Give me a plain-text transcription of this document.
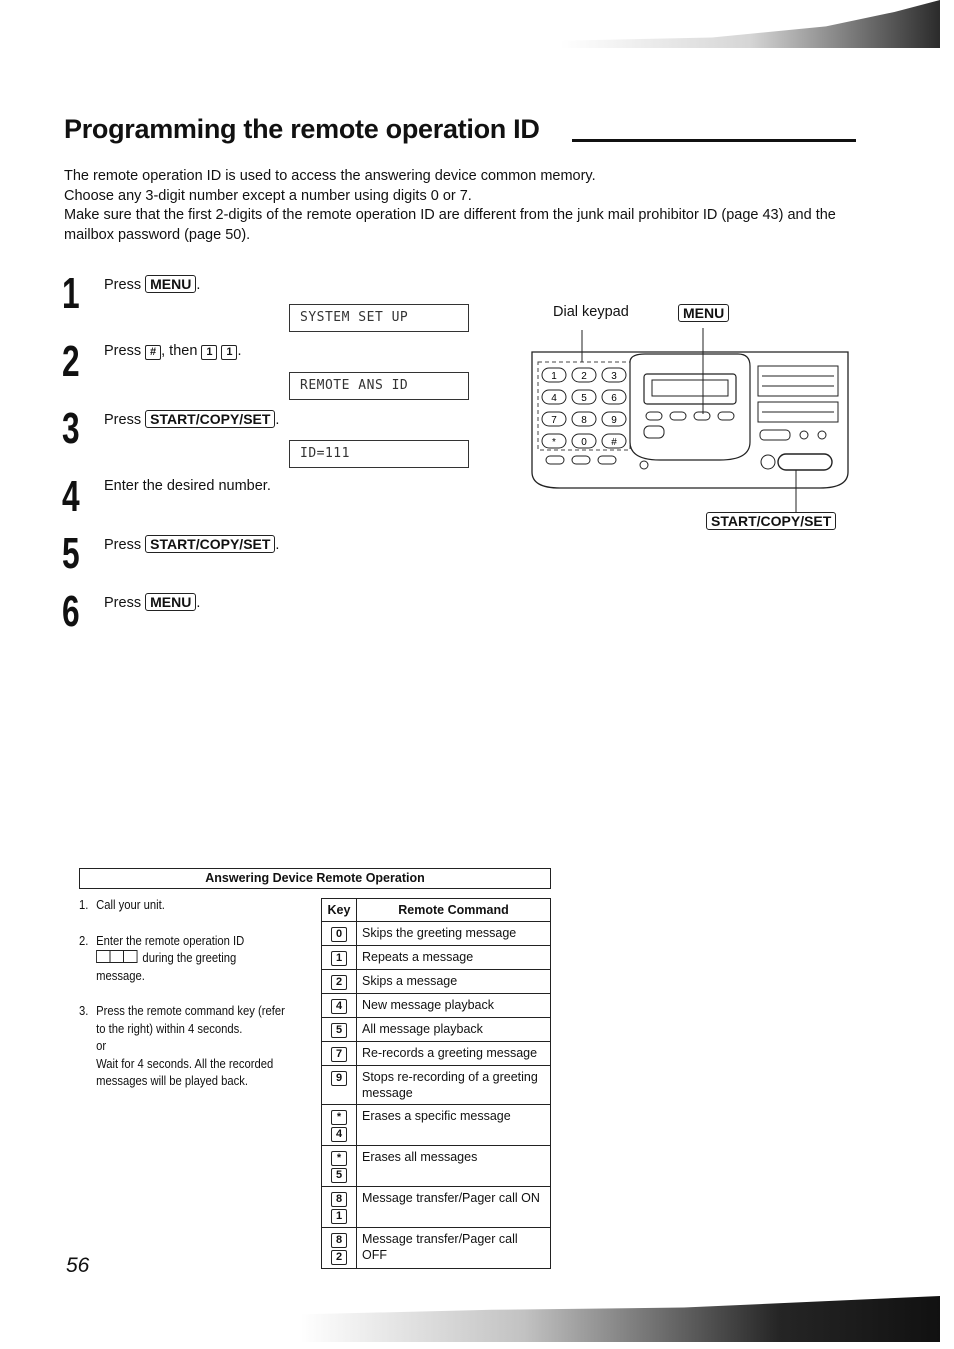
Programming the remote operation ID

The remote operation ID is used to access the answering device common memory.

Choose any 3-digit number except a number using digits 0 or 7.

Make sure that the first 2-digits of the remote operation ID are different from the junk mail prohibitor ID (page 43) and the mailbox password (page 50).

1 Press MENU .
SYSTEM SET UP
2 Press # , then 1 1 .
REMOTE ANS ID
3 Press START/COPY/SET .
ID=111
4 Enter the desired number.
5 Press START/COPY/SET .
6 Press MENU .
Dial keypad	MENU
START/COPY/SET
1 2 3
4 5 6
7 8 9
*	0 #
Answering Device Remote Operation
1. Call your unit.
2. Enter the remote operation ID
during the greeting message.
3. Press the remote command key (refer to the right) within 4 seconds.
or
Wait for 4 seconds. All the recorded messages will be played back.
Key	Remote Command
0	Skips the greeting message
1	Repeats a message
2	Skips a message
4	New message playback
5	All message playback
7	Re-records a greeting message
9	Stops re-recording of a greeting message
*4	Erases a specific message
*5	Erases all messages
81	Message transfer/Pager call ON
82	Message transfer/Pager call OFF
56
